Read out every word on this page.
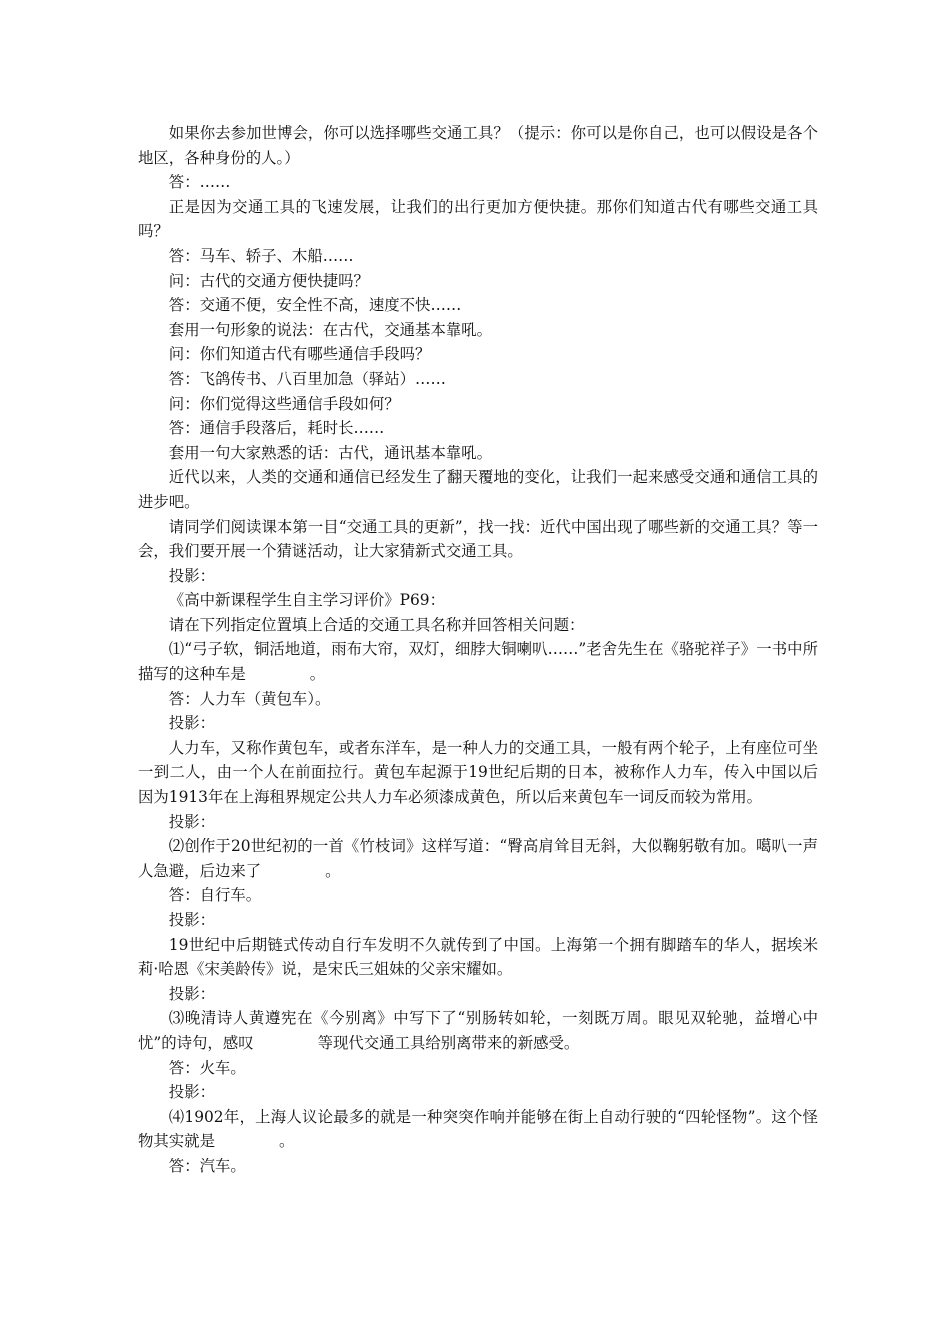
如果你去参加世博会，你可以选择哪些交通工具？（提示：你可以是你自己，也可以假设是各个地区，各种身份的人。）

答：……

正是因为交通工具的飞速发展，让我们的出行更加方便快捷。那你们知道古代有哪些交通工具吗？

答：马车、轿子、木船……

问：古代的交通方便快捷吗？

答：交通不便，安全性不高，速度不快……

套用一句形象的说法：在古代，交通基本靠吼。

问：你们知道古代有哪些通信手段吗？

答：飞鸽传书、八百里加急（驿站）……

问：你们觉得这些通信手段如何？

答：通信手段落后，耗时长……

套用一句大家熟悉的话：古代，通讯基本靠吼。

近代以来，人类的交通和通信已经发生了翻天覆地的变化，让我们一起来感受交通和通信工具的进步吧。

请同学们阅读课本第一目“交通工具的更新”，找一找：近代中国出现了哪些新的交通工具？等一会，我们要开展一个猜谜活动，让大家猜新式交通工具。

投影：

《高中新课程学生自主学习评价》P69：

请在下列指定位置填上合适的交通工具名称并回答相关问题：

⑴“弓子软，铜活地道，雨布大帘，双灯，细脖大铜喇叭……”老舍先生在《骆驼祥子》一书中所描写的这种车是	。

答：人力车（黄包车）。

投影：

人力车，又称作黄包车，或者东洋车，是一种人力的交通工具，一般有两个轮子，上有座位可坐一到二人，由一个人在前面拉行。黄包车起源于19世纪后期的日本，被称作人力车，传入中国以后因为1913年在上海租界规定公共人力车必须漆成黄色，所以后来黄包车一词反而较为常用。

投影：

⑵创作于20世纪初的一首《竹枝词》这样写道：“臀高肩耸目无斜，大似鞠躬敬有加。噶叭一声人急避，后边来了	。

答：自行车。

投影：

19世纪中后期链式传动自行车发明不久就传到了中国。上海第一个拥有脚踏车的华人，据埃米莉·哈恩《宋美龄传》说，是宋氏三姐妹的父亲宋耀如。

投影：

⑶晚清诗人黄遵宪在《今别离》中写下了“别肠转如轮，一刻既万周。眼见双轮驰，益增心中忧”的诗句，感叹	等现代交通工具给别离带来的新感受。

答：火车。

投影：

⑷1902年，上海人议论最多的就是一种突突作响并能够在街上自动行驶的“四轮怪物”。这个怪物其实就是	。

答：汽车。
